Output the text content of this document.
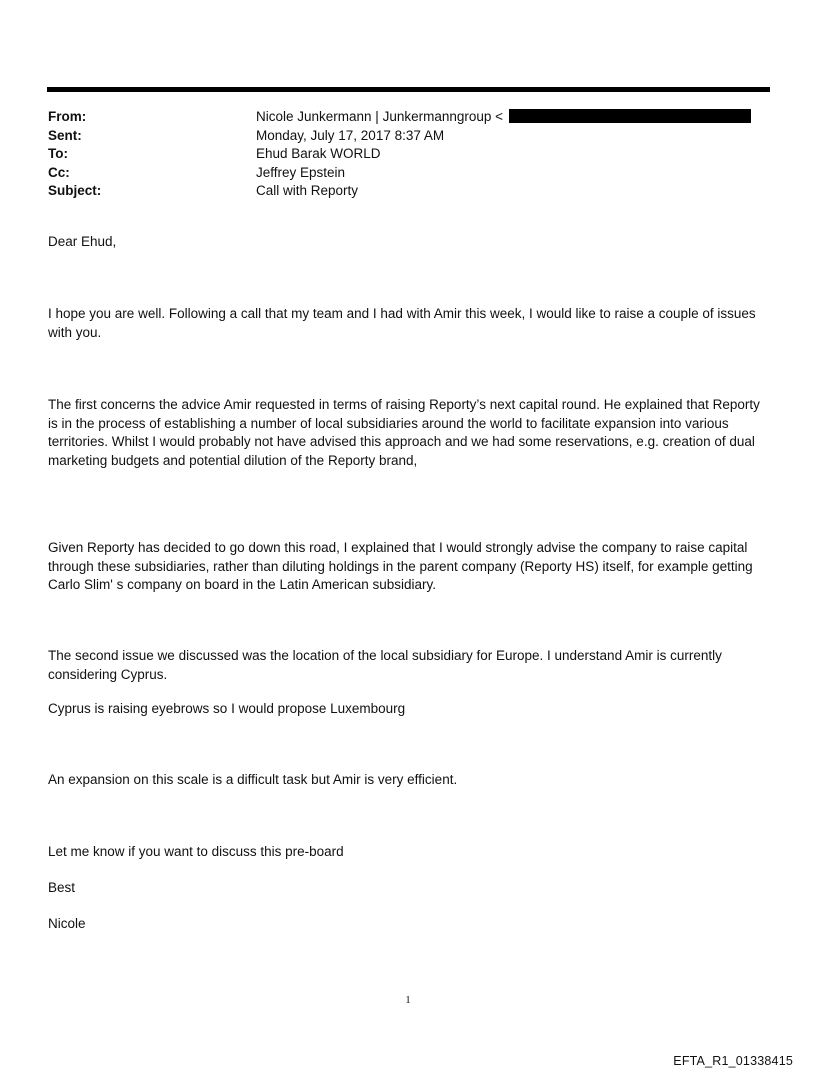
From:	Nicole Junkermann | Junkermanngroup <
Sent:	Monday, July 17, 2017 8:37 AM
To:	Ehud Barak WORLD
Cc:	Jeffrey Epstein
Subject:	Call with Reporty

Dear Ehud,

I hope you are well. Following a call that my team and I had with Amir this week, I would like to raise a couple of issues with you.

The first concerns the advice Amir requested in terms of raising Reporty’s next capital round. He explained that Reporty is in the process of establishing a number of local subsidiaries around the world to facilitate expansion into various territories. Whilst I would probably not have advised this approach and we had some reservations, e.g. creation of dual marketing budgets and potential dilution of the Reporty brand,

Given Reporty has decided to go down this road, I explained that I would strongly advise the company to raise capital through these subsidiaries, rather than diluting holdings in the parent company (Reporty HS) itself, for example getting Carlo Slim' s company on board in the Latin American subsidiary.

The second issue we discussed was the location of the local subsidiary for Europe. I understand Amir is currently considering Cyprus.

Cyprus is raising eyebrows so I would propose Luxembourg

An expansion on this scale is a difficult task but Amir is very efficient.

Let me know if you want to discuss this pre-board

Best

Nicole

1
EFTA_R1_01338415
